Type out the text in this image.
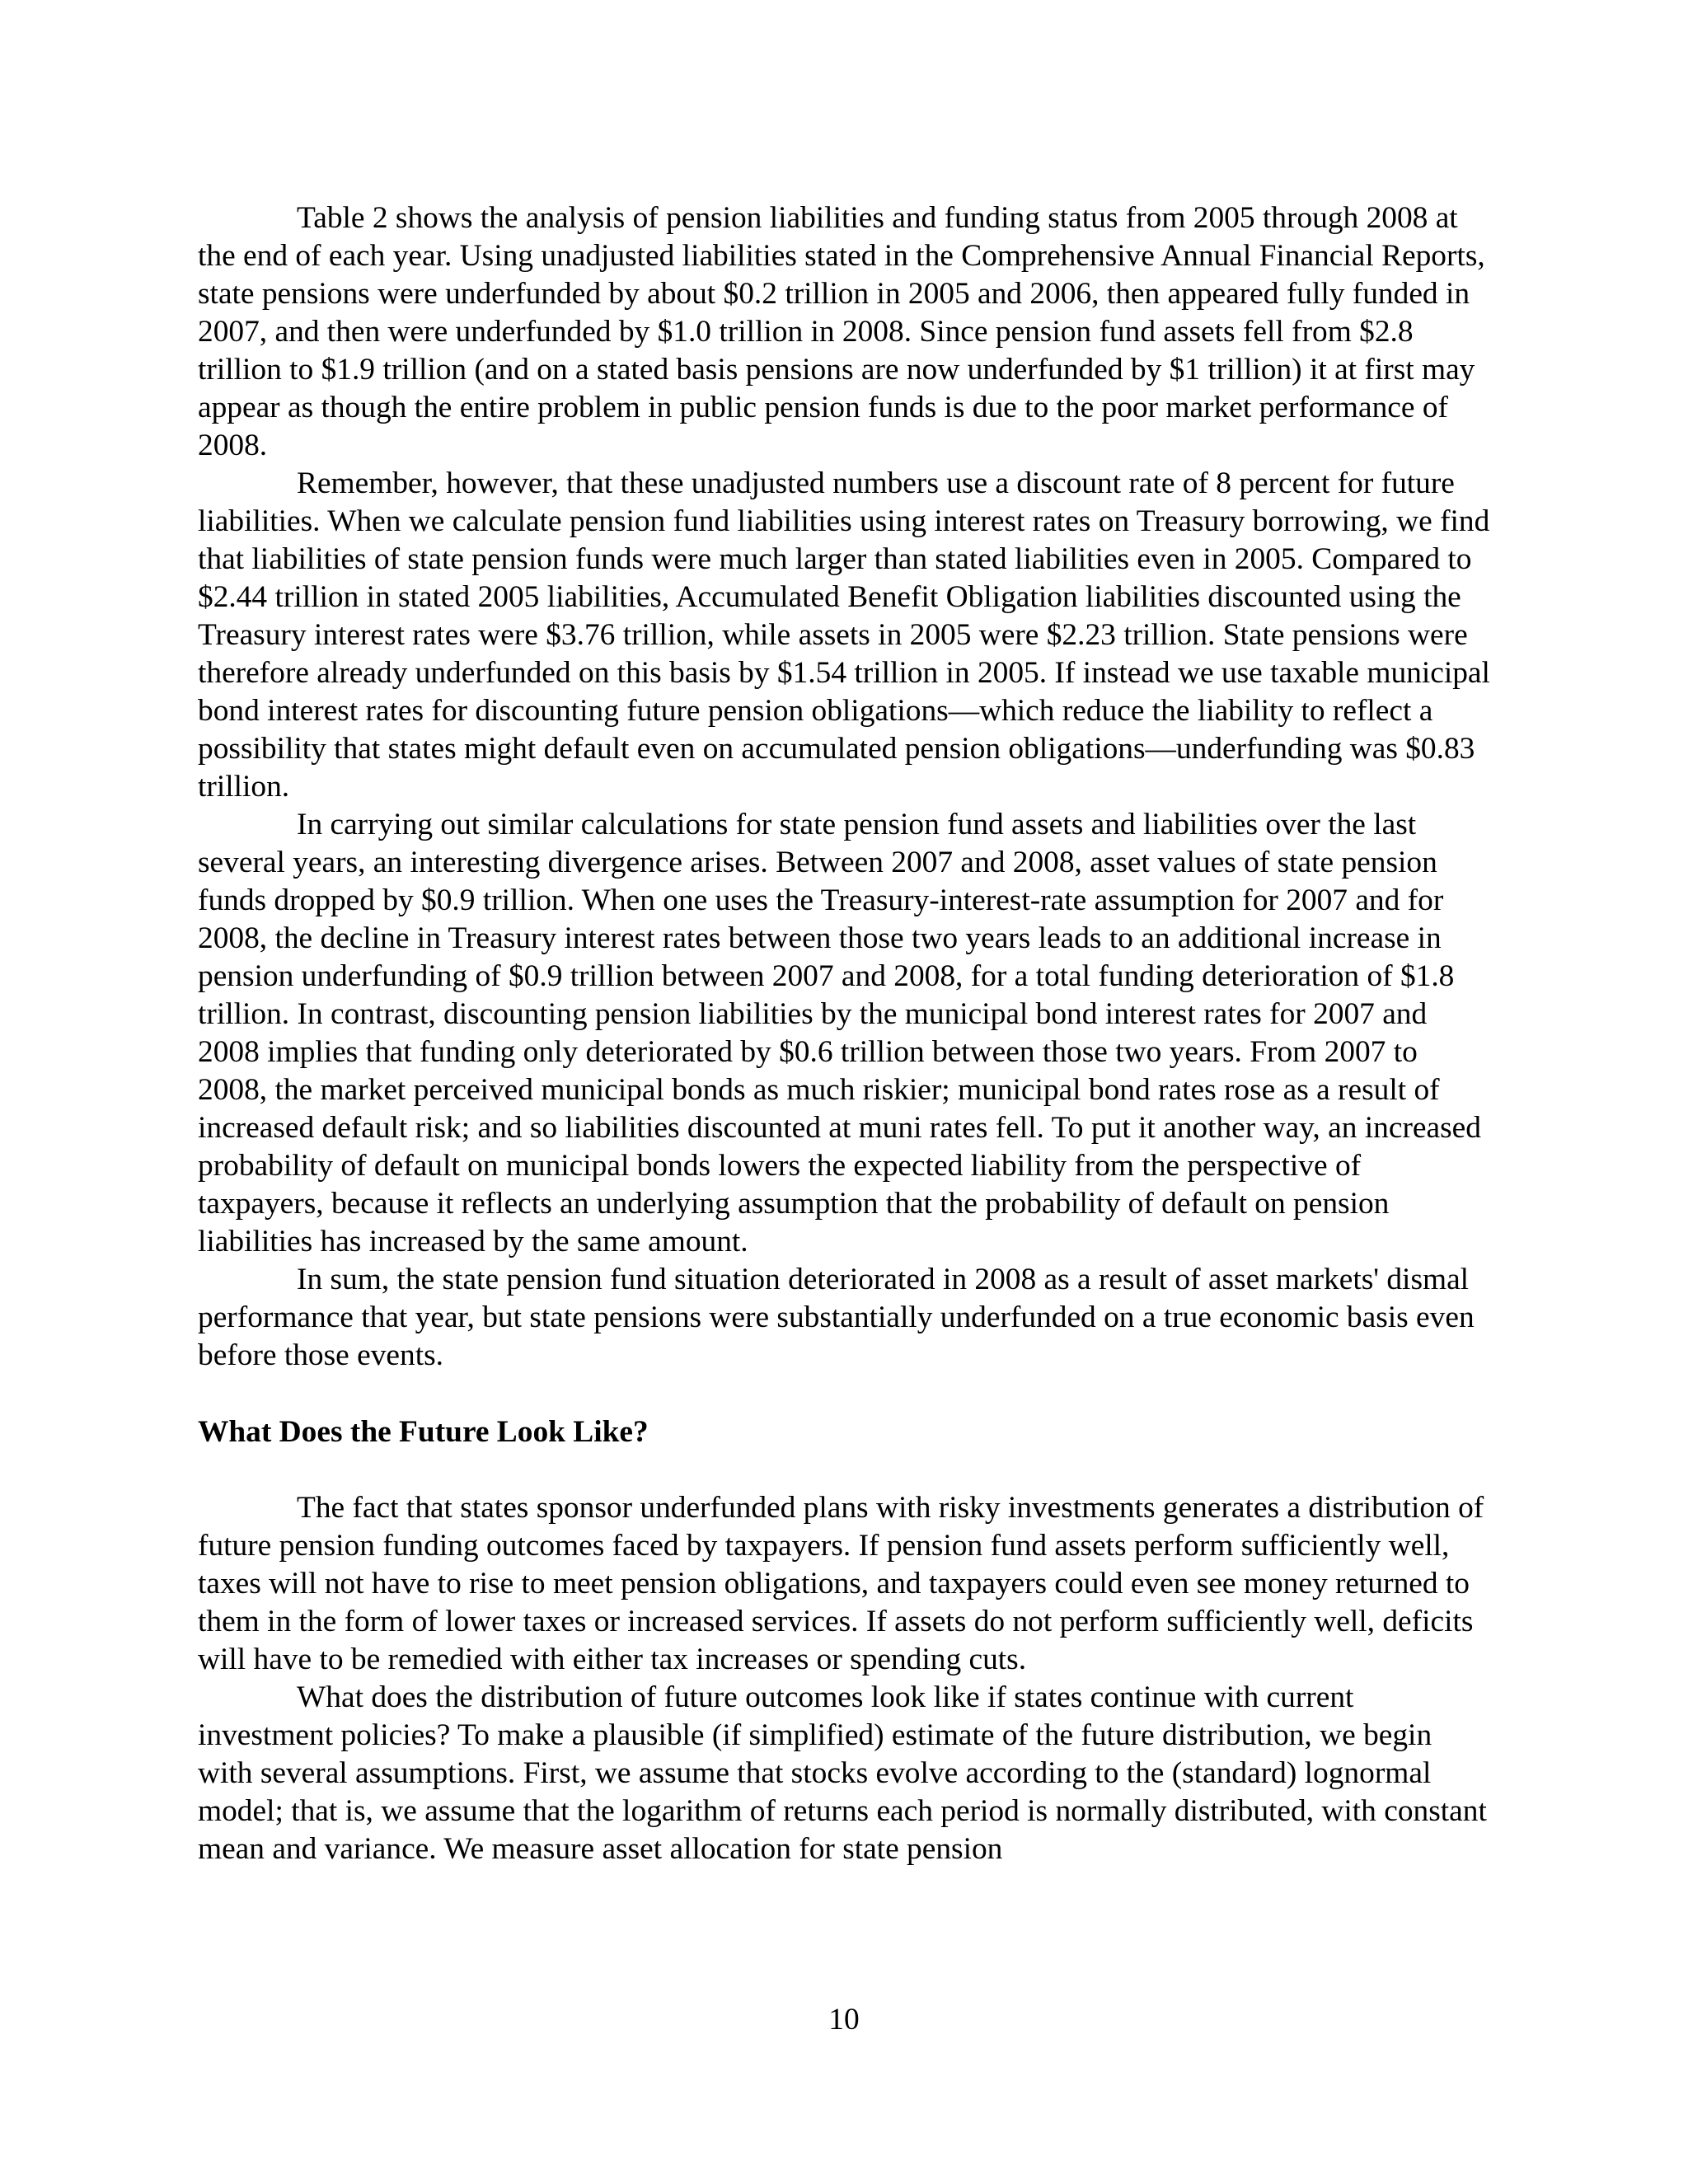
Table 2 shows the analysis of pension liabilities and funding status from 2005 through 2008 at the end of each year. Using unadjusted liabilities stated in the Comprehensive Annual Financial Reports, state pensions were underfunded by about $0.2 trillion in 2005 and 2006, then appeared fully funded in 2007, and then were underfunded by $1.0 trillion in 2008. Since pension fund assets fell from $2.8 trillion to $1.9 trillion (and on a stated basis pensions are now underfunded by $1 trillion) it at first may appear as though the entire problem in public pension funds is due to the poor market performance of 2008.

Remember, however, that these unadjusted numbers use a discount rate of 8 percent for future liabilities. When we calculate pension fund liabilities using interest rates on Treasury borrowing, we find that liabilities of state pension funds were much larger than stated liabilities even in 2005. Compared to $2.44 trillion in stated 2005 liabilities, Accumulated Benefit Obligation liabilities discounted using the Treasury interest rates were $3.76 trillion, while assets in 2005 were $2.23 trillion. State pensions were therefore already underfunded on this basis by $1.54 trillion in 2005. If instead we use taxable municipal bond interest rates for discounting future pension obligations—which reduce the liability to reflect a possibility that states might default even on accumulated pension obligations—underfunding was $0.83 trillion.

In carrying out similar calculations for state pension fund assets and liabilities over the last several years, an interesting divergence arises. Between 2007 and 2008, asset values of state pension funds dropped by $0.9 trillion. When one uses the Treasury-interest-rate assumption for 2007 and for 2008, the decline in Treasury interest rates between those two years leads to an additional increase in pension underfunding of $0.9 trillion between 2007 and 2008, for a total funding deterioration of $1.8 trillion. In contrast, discounting pension liabilities by the municipal bond interest rates for 2007 and 2008 implies that funding only deteriorated by $0.6 trillion between those two years. From 2007 to 2008, the market perceived municipal bonds as much riskier; municipal bond rates rose as a result of increased default risk; and so liabilities discounted at muni rates fell. To put it another way, an increased probability of default on municipal bonds lowers the expected liability from the perspective of taxpayers, because it reflects an underlying assumption that the probability of default on pension liabilities has increased by the same amount.

In sum, the state pension fund situation deteriorated in 2008 as a result of asset markets' dismal performance that year, but state pensions were substantially underfunded on a true economic basis even before those events.

What Does the Future Look Like?

The fact that states sponsor underfunded plans with risky investments generates a distribution of future pension funding outcomes faced by taxpayers. If pension fund assets perform sufficiently well, taxes will not have to rise to meet pension obligations, and taxpayers could even see money returned to them in the form of lower taxes or increased services. If assets do not perform sufficiently well, deficits will have to be remedied with either tax increases or spending cuts.

What does the distribution of future outcomes look like if states continue with current investment policies? To make a plausible (if simplified) estimate of the future distribution, we begin with several assumptions. First, we assume that stocks evolve according to the (standard) lognormal model; that is, we assume that the logarithm of returns each period is normally distributed, with constant mean and variance. We measure asset allocation for state pension

10
